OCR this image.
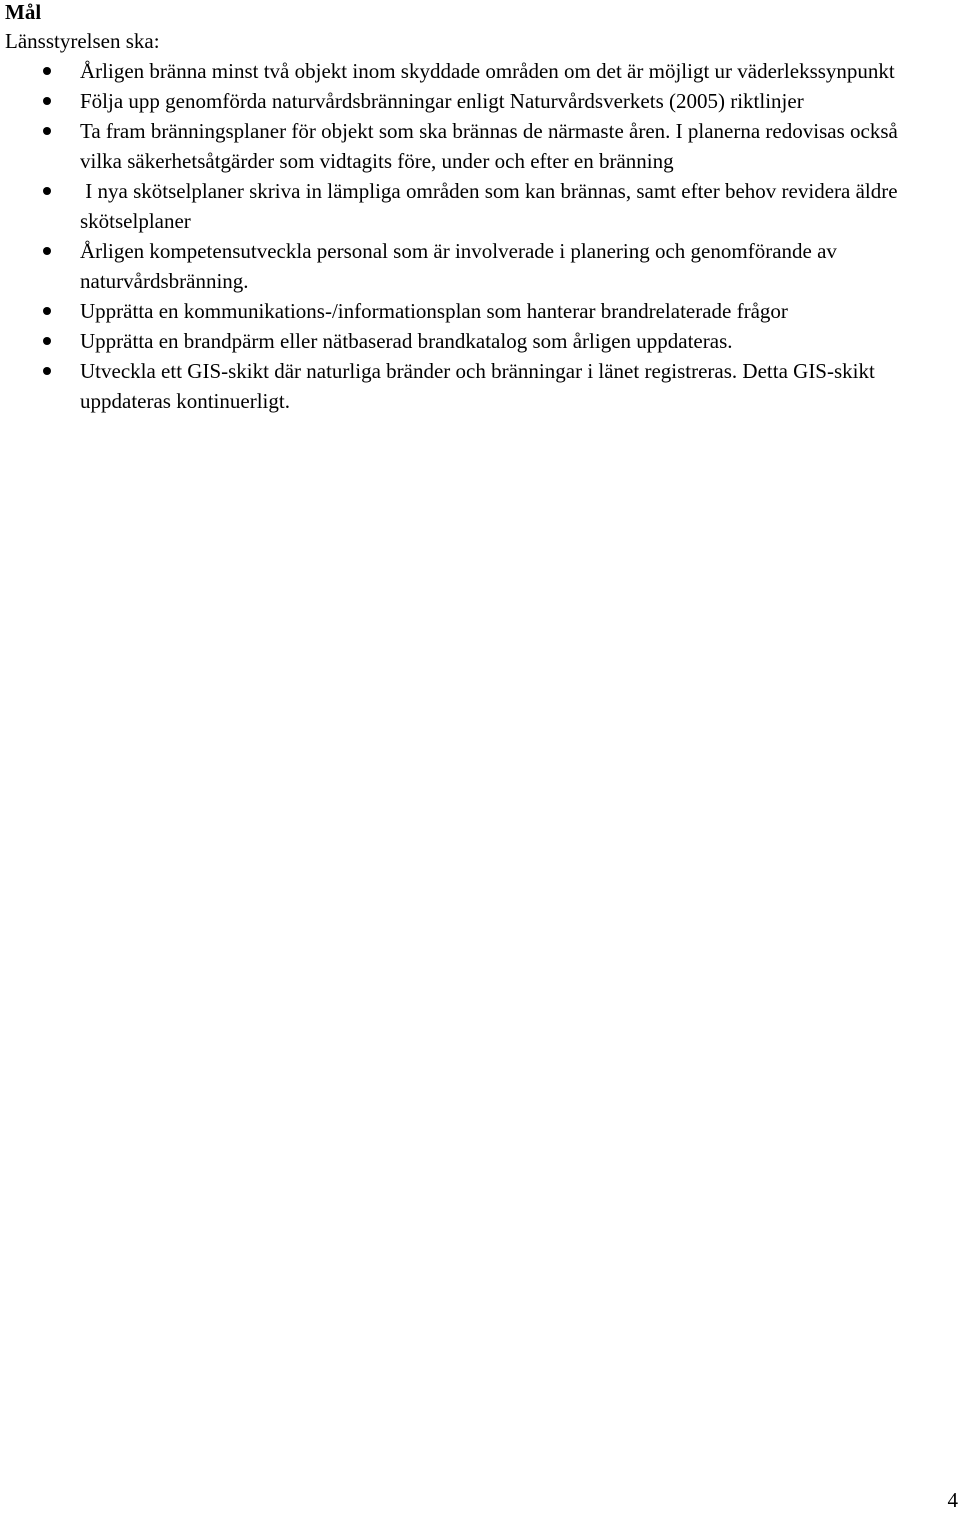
Mål

Länsstyrelsen ska:

Årligen bränna minst två objekt inom skyddade områden om det är möjligt ur väderlekssynpunkt
Följa upp genomförda naturvårdsbränningar enligt Naturvårdsverkets (2005) riktlinjer
Ta fram bränningsplaner för objekt som ska brännas de närmaste åren. I planerna redovisas också vilka säkerhetsåtgärder som vidtagits före, under och efter en bränning
I nya skötselplaner skriva in lämpliga områden som kan brännas, samt efter behov revidera äldre skötselplaner
Årligen kompetensutveckla personal som är involverade i planering och genomförande av naturvårdsbränning.
Upprätta en kommunikations-/informationsplan som hanterar brandrelaterade frågor
Upprätta en brandpärm eller nätbaserad brandkatalog som årligen uppdateras.
Utveckla ett GIS-skikt där naturliga bränder och bränningar i länet registreras. Detta GIS-skikt uppdateras kontinuerligt.
4
